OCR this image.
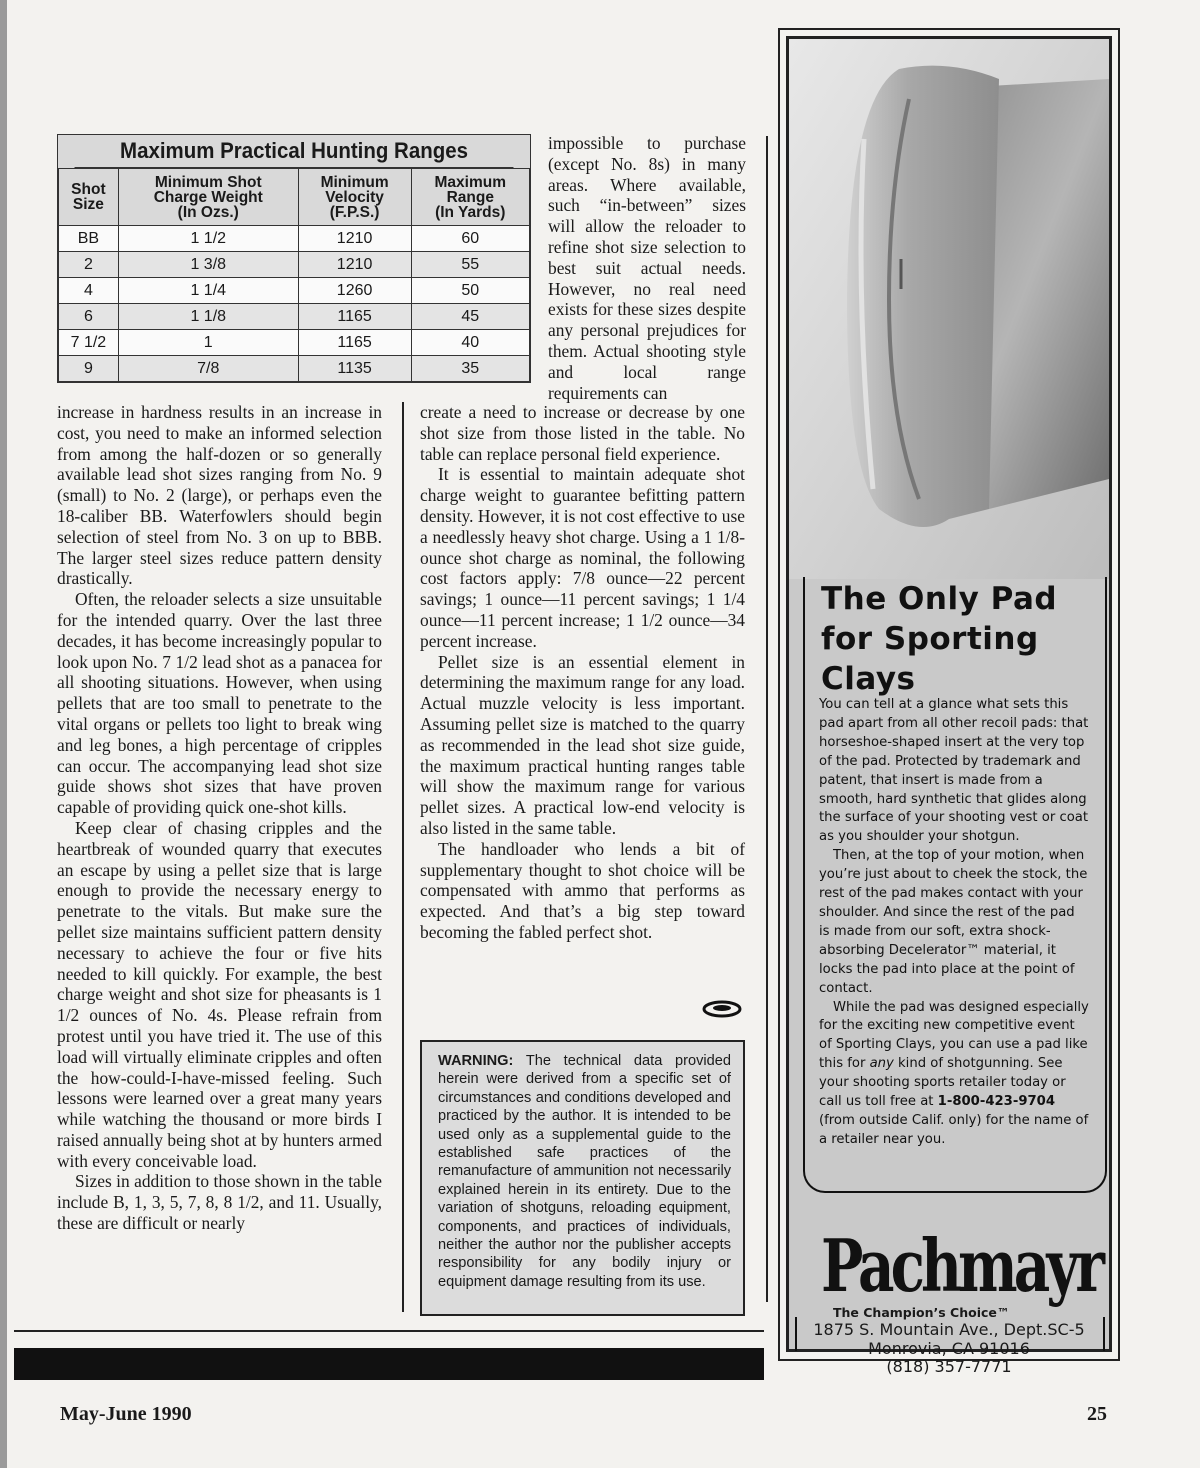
Maximum Practical Hunting Ranges
Shot
Size	Minimum Shot
Charge Weight
(In Ozs.)	Minimum
Velocity
(F.P.S.)	Maximum
Range
(In Yards)
BB	1 1/2	1210	60
2	1 3/8	1210	55
4	1 1/4	1260	50
6	1 1/8	1165	45
7 1/2	1	1165	40
9	7/8	1135	35

impossible to purchase (except No. 8s) in many areas. Where available, such “in-between” sizes will allow the reloader to refine shot size selection to best suit actual needs. However, no real need exists for these sizes despite any personal prejudices for them. Actual shooting style and local range requirements can

increase in hardness results in an increase in cost, you need to make an informed selection from among the half-dozen or so generally available lead shot sizes ranging from No. 9 (small) to No. 2 (large), or perhaps even the 18-caliber BB. Waterfowlers should begin selection of steel from No. 3 on up to BBB. The larger steel sizes reduce pattern density drastically.

Often, the reloader selects a size unsuitable for the intended quarry. Over the last three decades, it has become increasingly popular to look upon No. 7 1/2 lead shot as a panacea for all shooting situations. However, when using pellets that are too small to penetrate to the vital organs or pellets too light to break wing and leg bones, a high percentage of cripples can occur. The accompanying lead shot size guide shows shot sizes that have proven capable of providing quick one-shot kills.

Keep clear of chasing cripples and the heartbreak of wounded quarry that executes an escape by using a pellet size that is large enough to provide the necessary energy to penetrate to the vitals. But make sure the pellet size maintains sufficient pattern density necessary to achieve the four or five hits needed to kill quickly. For example, the best charge weight and shot size for pheasants is 1 1/2 ounces of No. 4s. Please refrain from protest until you have tried it. The use of this load will virtually eliminate cripples and often the how-could-I-have-missed feeling. Such lessons were learned over a great many years while watching the thousand or more birds I raised annually being shot at by hunters armed with every conceivable load.

Sizes in addition to those shown in the table include B, 1, 3, 5, 7, 8, 8 1/2, and 11. Usually, these are difficult or nearly

create a need to increase or decrease by one shot size from those listed in the table. No table can replace personal field experience.

It is essential to maintain adequate shot charge weight to guarantee befitting pattern density. However, it is not cost effective to use a needlessly heavy shot charge. Using a 1 1/8-ounce shot charge as nominal, the following cost factors apply: 7/8 ounce—22 percent savings; 1 ounce—11 percent savings; 1 1/4 ounce—11 percent increase; 1 1/2 ounce—34 percent increase.

Pellet size is an essential element in determining the maximum range for any load. Actual muzzle velocity is less important. Assuming pellet size is matched to the quarry as recommended in the lead shot size guide, the maximum practical hunting ranges table will show the maximum range for various pellet sizes. A practical low-end velocity is also listed in the same table.

The handloader who lends a bit of supplementary thought to shot choice will be compensated with ammo that performs as expected. And that’s a big step toward becoming the fabled perfect shot.

WARNING: The technical data provided herein were derived from a specific set of circumstances and conditions developed and practiced by the author. It is intended to be used only as a supplemental guide to the established safe practices of the remanufacture of ammunition not necessarily explained herein in its entirety. Due to the variation of shotguns, reloading equipment, components, and practices of individuals, neither the author nor the publisher accepts responsibility for any bodily injury or equipment damage resulting from its use.
May-June 1990	25
The Only Pad for Sporting Clays

You can tell at a glance what sets this pad apart from all other recoil pads: that horseshoe-shaped insert at the very top of the pad. Protected by trademark and patent, that insert is made from a smooth, hard synthetic that glides along the surface of your shooting vest or coat as you shoulder your shotgun.

Then, at the top of your motion, when you’re just about to cheek the stock, the rest of the pad makes contact with your shoulder. And since the rest of the pad is made from our soft, extra shock-absorbing Decelerator™ material, it locks the pad into place at the point of contact.

While the pad was designed especially for the exciting new competitive event of Sporting Clays, you can use a pad like this for any kind of shotgunning. See your shooting sports retailer today or call us toll free at 1-800-423-9704 (from outside Calif. only) for the name of a retailer near you.

Pachmayr
The Champion’s Choice™
1875 S. Mountain Ave., Dept.SC-5
Monrovia, CA 91016
(818) 357-7771
